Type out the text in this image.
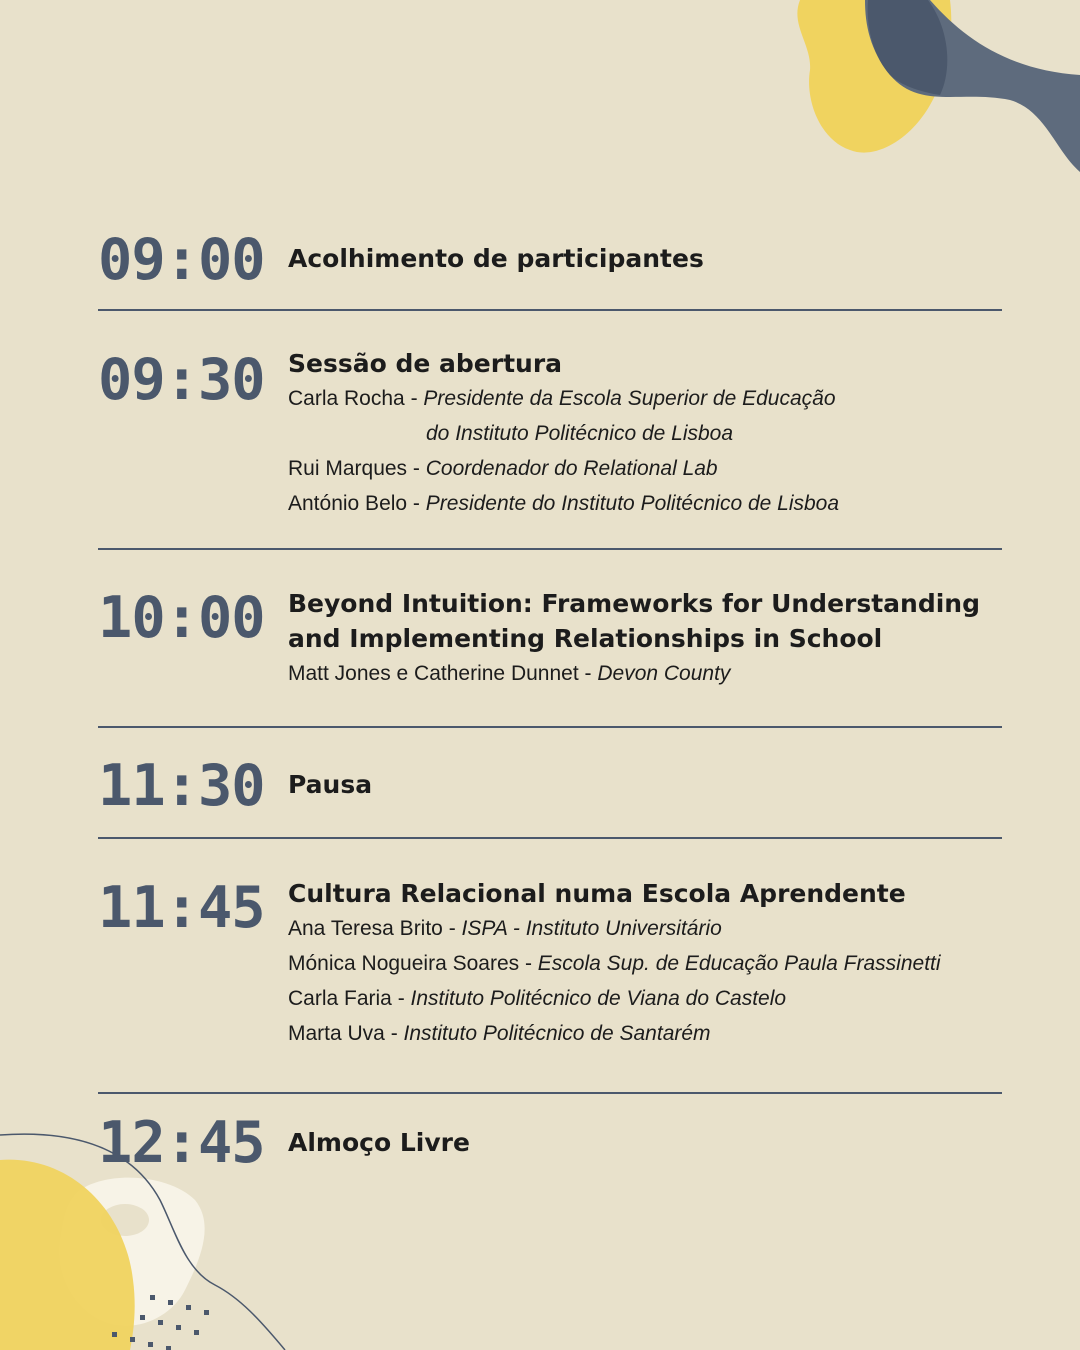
09:00 Acolhimento de participantes

09:30 Sessão de abertura

Carla Rocha - Presidente da Escola Superior de Educação
do Instituto Politécnico de Lisboa
Rui Marques - Coordenador do Relational Lab
António Belo - Presidente do Instituto Politécnico de Lisboa
10:00 Beyond Intuition: Frameworks for Understanding

and Implementing Relationships in School

Matt Jones e Catherine Dunnet - Devon County
11:30 Pausa

11:45 Cultura Relacional numa Escola Aprendente

Ana Teresa Brito - ISPA - Instituto Universitário
Mónica Nogueira Soares - Escola Sup. de Educação Paula Frassinetti
Carla Faria - Instituto Politécnico de Viana do Castelo
Marta Uva - Instituto Politécnico de Santarém
12:45 Almoço Livre
